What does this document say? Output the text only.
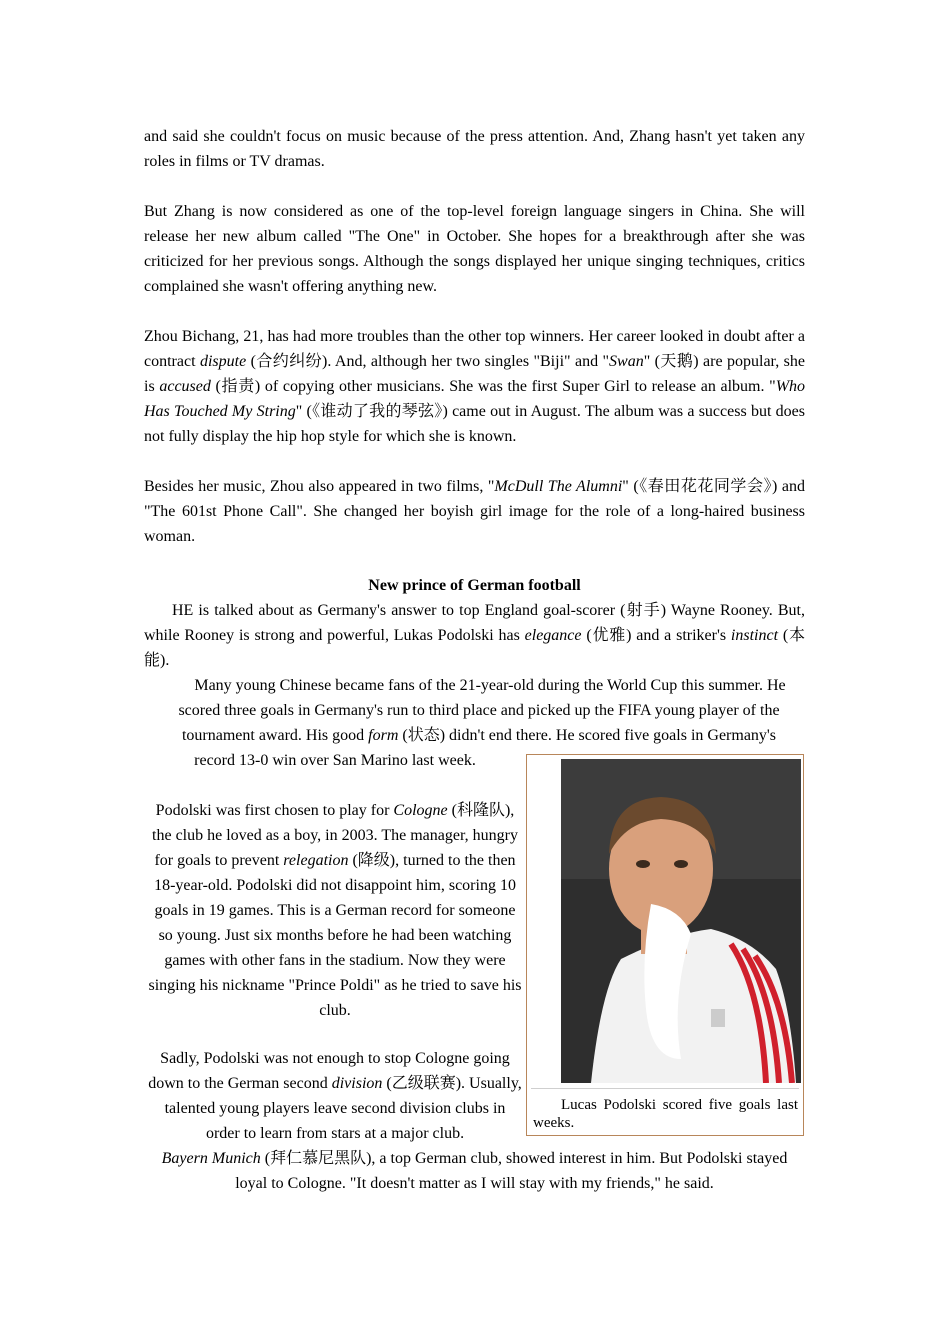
and said she couldn't focus on music because of the press attention. And, Zhang hasn't yet taken any roles in films or TV dramas.

But Zhang is now considered as one of the top-level foreign language singers in China. She will release her new album called "The One" in October. She hopes for a breakthrough after she was criticized for her previous songs. Although the songs displayed her unique singing techniques, critics complained she wasn't offering anything new.

Zhou Bichang, 21, has had more troubles than the other top winners. Her career looked in doubt after a contract dispute (合约纠纷). And, although her two singles "Biji" and "Swan" (天鹅) are popular, she is accused (指责) of copying other musicians. She was the first Super Girl to release an album. "Who Has Touched My String" (《谁动了我的琴弦》) came out in August. The album was a success but does not fully display the hip hop style for which she is known.

Besides her music, Zhou also appeared in two films, "McDull The Alumni" (《春田花花同学会》) and "The 601st Phone Call". She changed her boyish girl image for the role of a long-haired business woman.

New prince of German football

HE is talked about as Germany's answer to top England goal-scorer (射手) Wayne Rooney. But, while Rooney is strong and powerful, Lukas Podolski has elegance (优雅) and a striker's instinct (本能).

Many young Chinese became fans of the 21-year-old during the World Cup this summer. He scored three goals in Germany's run to third place and picked up the FIFA young player of the tournament award. His good form (状态) didn't end there. He scored five goals in Germany's

record 13-0 win over San Marino last week.

Podolski was first chosen to play for Cologne (科隆队), the club he loved as a boy, in 2003. The manager, hungry for goals to prevent relegation (降级), turned to the then 18-year-old. Podolski did not disappoint him, scoring 10 goals in 19 games. This is a German record for someone so young. Just six months before he had been watching games with other fans in the stadium. Now they were singing his nickname "Prince Poldi" as he tried to save his club.

Sadly, Podolski was not enough to stop Cologne going down to the German second division (乙级联赛). Usually, talented young players leave second division clubs in order to learn from stars at a major club.

Bayern Munich (拜仁慕尼黑队), a top German club, showed interest in him. But Podolski stayed loyal to Cologne. "It doesn't matter as I will stay with my friends," he said.

Lucas Podolski scored five goals last weeks.
